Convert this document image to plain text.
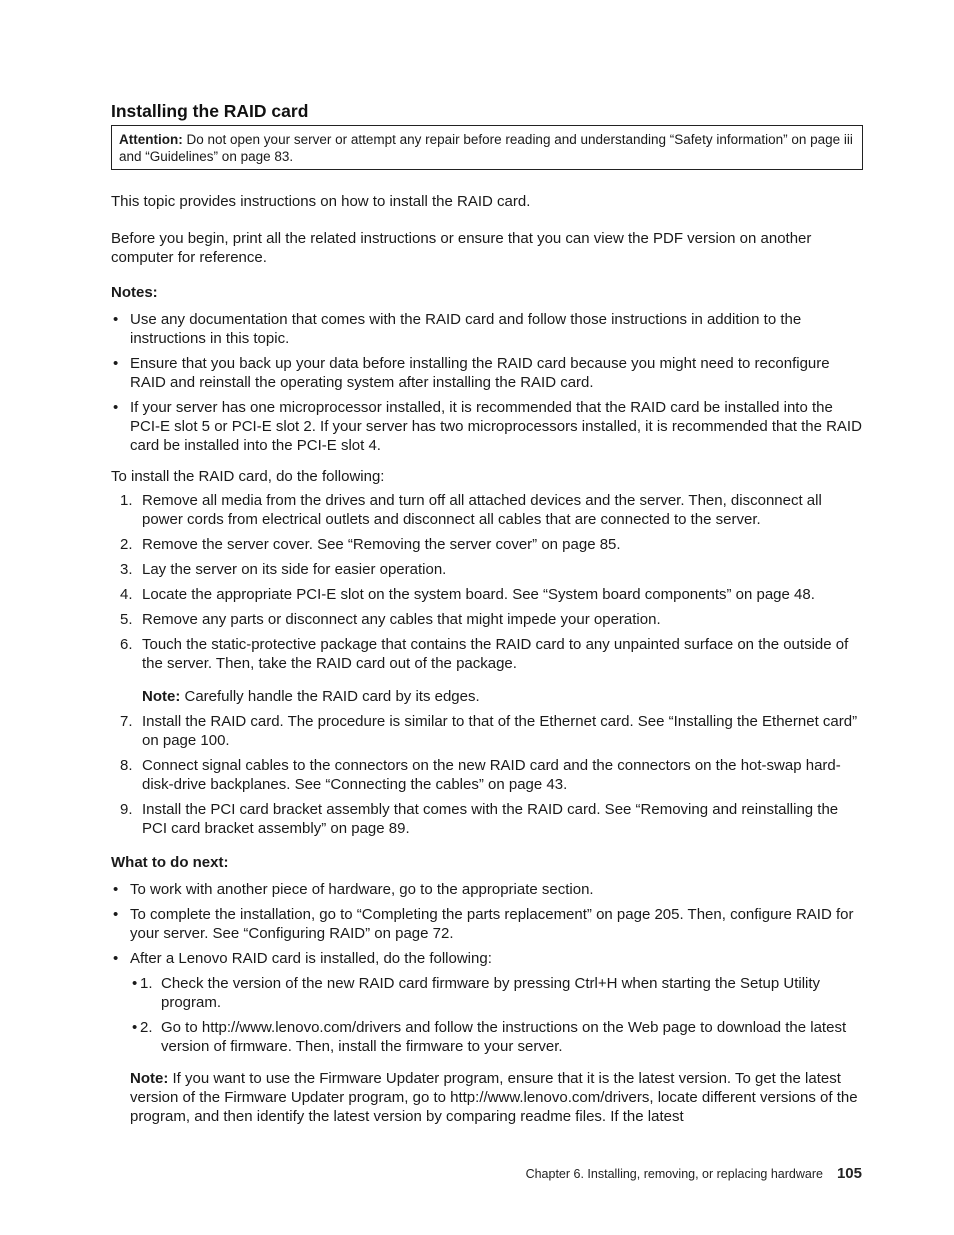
Installing the RAID card
Attention: Do not open your server or attempt any repair before reading and understanding “Safety information” on page iii and “Guidelines” on page 83.

This topic provides instructions on how to install the RAID card.

Before you begin, print all the related instructions or ensure that you can view the PDF version on another computer for reference.

Notes:

• Use any documentation that comes with the RAID card and follow those instructions in addition to the instructions in this topic.
• Ensure that you back up your data before installing the RAID card because you might need to reconfigure RAID and reinstall the operating system after installing the RAID card.
• If your server has one microprocessor installed, it is recommended that the RAID card be installed into the PCI-E slot 5 or PCI-E slot 2. If your server has two microprocessors installed, it is recommended that the RAID card be installed into the PCI-E slot 4.

To install the RAID card, do the following:

1. Remove all media from the drives and turn off all attached devices and the server. Then, disconnect all power cords from electrical outlets and disconnect all cables that are connected to the server.
2. Remove the server cover. See “Removing the server cover” on page 85.
3. Lay the server on its side for easier operation.
4. Locate the appropriate PCI-E slot on the system board. See “System board components” on page 48.
5. Remove any parts or disconnect any cables that might impede your operation.
6. Touch the static-protective package that contains the RAID card to any unpainted surface on the outside of the server. Then, take the RAID card out of the package.
Note: Carefully handle the RAID card by its edges.
7. Install the RAID card. The procedure is similar to that of the Ethernet card. See “Installing the Ethernet card” on page 100.
8. Connect signal cables to the connectors on the new RAID card and the connectors on the hot-swap hard-disk-drive backplanes. See “Connecting the cables” on page 43.
9. Install the PCI card bracket assembly that comes with the RAID card. See “Removing and reinstalling the PCI card bracket assembly” on page 89.

What to do next:

• To work with another piece of hardware, go to the appropriate section.
• To complete the installation, go to “Completing the parts replacement” on page 205. Then, configure RAID for your server. See “Configuring RAID” on page 72.
• After a Lenovo RAID card is installed, do the following:
• 1. Check the version of the new RAID card firmware by pressing Ctrl+H when starting the Setup Utility program.
• 2. Go to http://www.lenovo.com/drivers and follow the instructions on the Web page to download the latest version of firmware. Then, install the firmware to your server.

Note: If you want to use the Firmware Updater program, ensure that it is the latest version. To get the latest version of the Firmware Updater program, go to http://www.lenovo.com/drivers, locate different versions of the program, and then identify the latest version by comparing readme files. If the latest

Chapter 6. Installing, removing, or replacing hardware 105
